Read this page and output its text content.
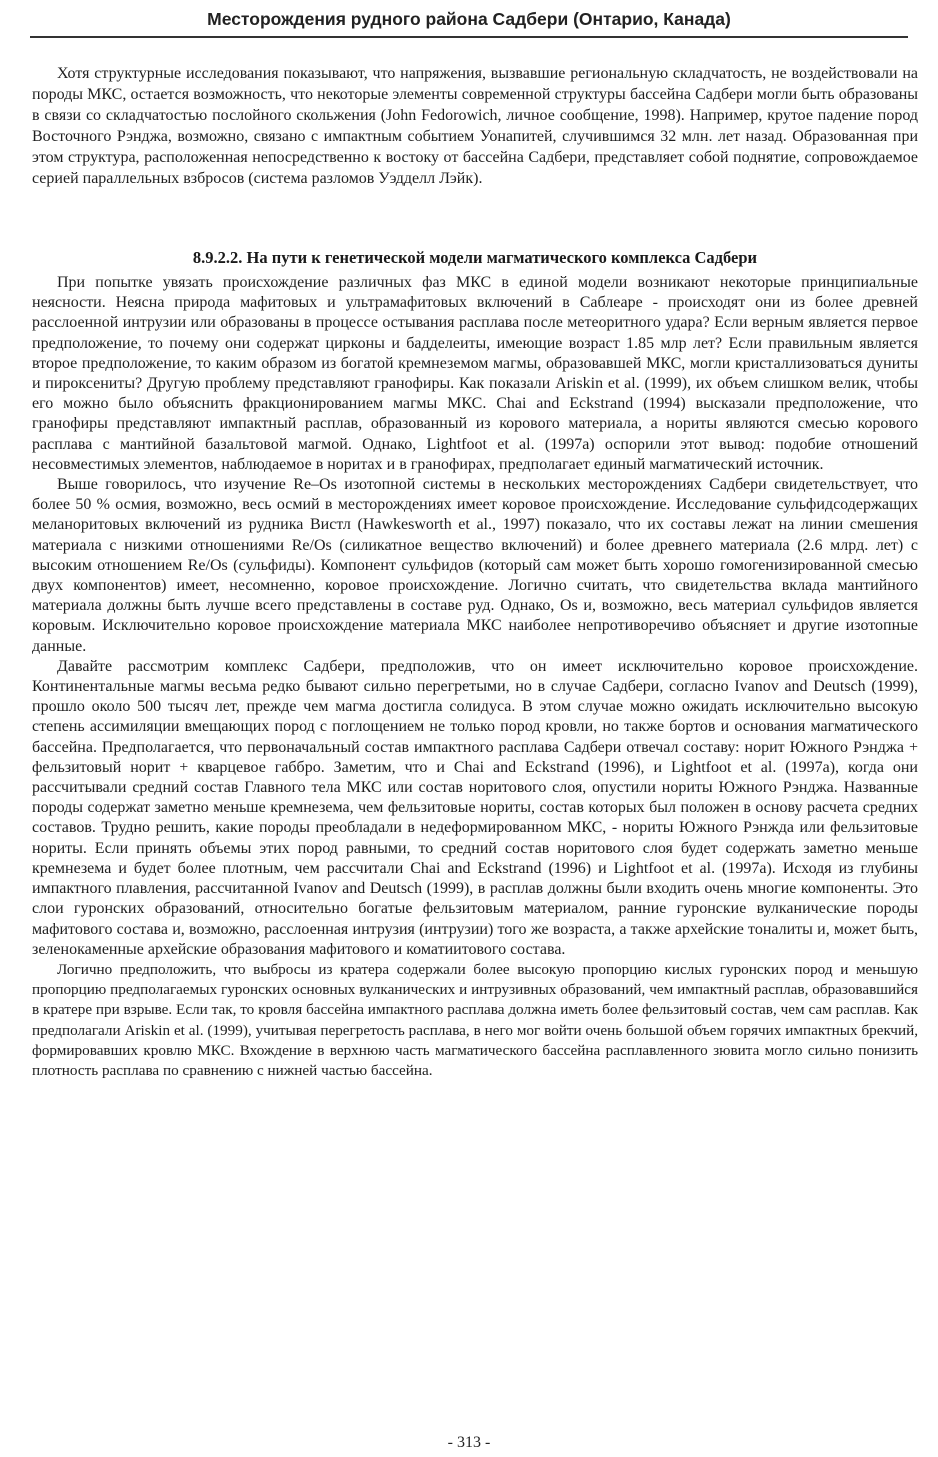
Месторождения рудного района Садбери (Онтарио, Канада)

Хотя структурные исследования показывают, что напряжения, вызвавшие региональную складчатость, не воздействовали на породы МКС, остается возможность, что некоторые элементы современной структуры бассейна Садбери могли быть образованы в связи со складчатостью послойного скольжения (John Fedorowich, личное сообщение, 1998). Например, крутое падение пород Восточного Рэнджа, возможно, связано с импактным событием Уонапитей, случившимся 32 млн. лет назад. Образованная при этом структура, расположенная непосредственно к востоку от бассейна Садбери, представляет собой поднятие, сопровождаемое серией параллельных взбросов (система разломов Уэдделл Лэйк).

8.9.2.2. На пути к генетической модели магматического комплекса Садбери

При попытке увязать происхождение различных фаз МКС в единой модели возникают некоторые принципиальные неясности. Неясна природа мафитовых и ультрамафитовых включений в Саблеаре - происходят они из более древней расслоенной интрузии или образованы в процессе остывания расплава после метеоритного удара? Если верным является первое предположение, то почему они содержат цирконы и бадделеиты, имеющие возраст 1.85 млр лет? Если правильным является второе предположение, то каким образом из богатой кремнеземом магмы, образовавшей МКС, могли кристаллизоваться дуниты и пироксениты? Другую проблему представляют гранофиры. Как показали Ariskin et al. (1999), их объем слишком велик, чтобы его можно было объяснить фракционированием магмы МКС. Chai and Eckstrand (1994) высказали предположение, что гранофиры представляют импактный расплав, образованный из корового материала, а нориты являются смесью корового расплава с мантийной базальтовой магмой. Однако, Lightfoot et al. (1997a) оспорили этот вывод: подобие отношений несовместимых элементов, наблюдаемое в норитах и в гранофирах, предполагает единый магматический источник.

Выше говорилось, что изучение Re–Os изотопной системы в нескольких месторождениях Садбери свидетельствует, что более 50 % осмия, возможно, весь осмий в месторождениях имеет коровое происхождение. Исследование сульфидсодержащих меланоритовых включений из рудника Вистл (Hawkesworth et al., 1997) показало, что их составы лежат на линии смешения материала с низкими отношениями Re/Os (силикатное вещество включений) и более древнего материала (2.6 млрд. лет) с высоким отношением Re/Os (сульфиды). Компонент сульфидов (который сам может быть хорошо гомогенизированной смесью двух компонентов) имеет, несомненно, коровое происхождение. Логично считать, что свидетельства вклада мантийного материала должны быть лучше всего представлены в составе руд. Однако, Os и, возможно, весь материал сульфидов является коровым. Исключительно коровое происхождение материала МКС наиболее непротиворечиво объясняет и другие изотопные данные.

Давайте рассмотрим комплекс Садбери, предположив, что он имеет исключительно коровое происхождение. Континентальные магмы весьма редко бывают сильно перегретыми, но в случае Садбери, согласно Ivanov and Deutsch (1999), прошло около 500 тысяч лет, прежде чем магма достигла солидуса. В этом случае можно ожидать исключительно высокую степень ассимиляции вмещающих пород с поглощением не только пород кровли, но также бортов и основания магматического бассейна. Предполагается, что первоначальный состав импактного расплава Садбери отвечал составу: норит Южного Рэнджа + фельзитовый норит + кварцевое габбро. Заметим, что и Chai and Eckstrand (1996), и Lightfoot et al. (1997a), когда они рассчитывали средний состав Главного тела МКС или состав норитового слоя, опустили нориты Южного Рэнджа. Названные породы содержат заметно меньше кремнезема, чем фельзитовые нориты, состав которых был положен в основу расчета средних составов. Трудно решить, какие породы преобладали в недеформированном МКС, - нориты Южного Рэнжда или фельзитовые нориты. Если принять объемы этих пород равными, то средний состав норитового слоя будет содержать заметно меньше кремнезема и будет более плотным, чем рассчитали Chai and Eckstrand (1996) и Lightfoot et al. (1997a). Исходя из глубины импактного плавления, рассчитанной Ivanov and Deutsch (1999), в расплав должны были входить очень многие компоненты. Это слои гуронских образований, относительно богатые фельзитовым материалом, ранние гуронские вулканические породы мафитового состава и, возможно, расслоенная интрузия (интрузии) того же возраста, а также архейские тоналиты и, может быть, зеленокаменные архейские образования мафитового и коматиитового состава.

Логично предположить, что выбросы из кратера содержали более высокую пропорцию кислых гуронских пород и меньшую пропорцию предполагаемых гуронских основных вулканических и интрузивных образований, чем импактный расплав, образовавшийся в кратере при взрыве. Если так, то кровля бассейна импактного расплава должна иметь более фельзитовый состав, чем сам расплав. Как предполагали Ariskin et al. (1999), учитывая перегретость расплава, в него мог войти очень большой объем горячих импактных брекчий, формировавших кровлю МКС. Вхождение в верхнюю часть магматического бассейна расплавленного зювита могло сильно понизить плотность расплава по сравнению с нижней частью бассейна.

- 313 -
